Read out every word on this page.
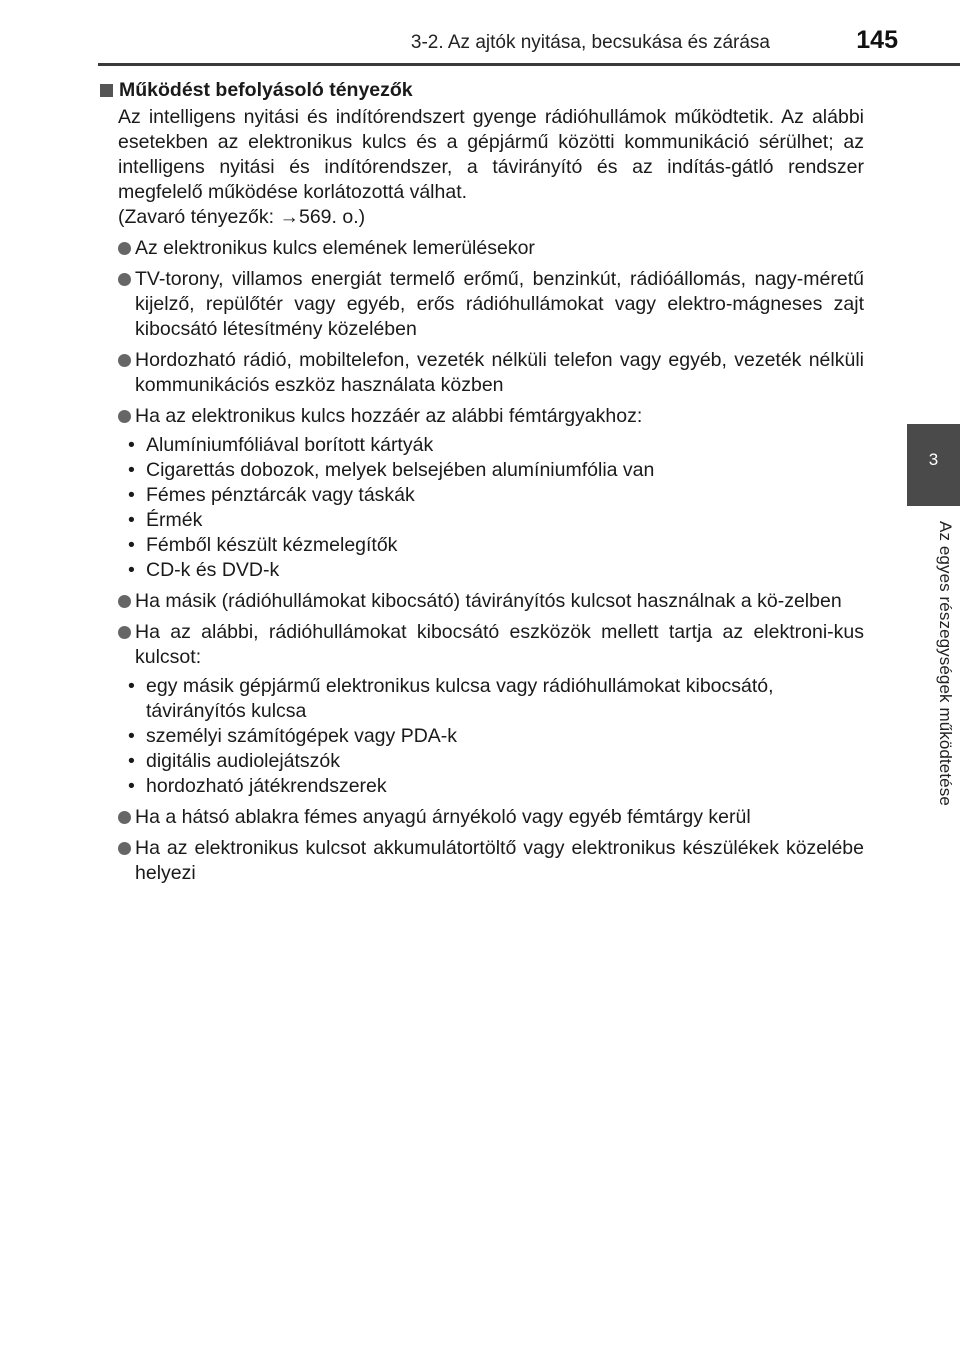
3-2. Az ajtók nyitása, becsukása és zárása	145
3
Az egyes részegységek működtetése
Működést befolyásoló tényezők

Az intelligens nyitási és indítórendszert gyenge rádióhullámok működtetik. Az alábbi esetekben az elektronikus kulcs és a gépjármű közötti kommunikáció sérülhet; az intelligens nyitási és indítórendszer, a távirányító és az indítás-gátló rendszer megfelelő működése korlátozottá válhat.

(Zavaró tényezők: →569. o.)

Az elektronikus kulcs elemének lemerülésekor
TV-torony, villamos energiát termelő erőmű, benzinkút, rádióállomás, nagy-méretű kijelző, repülőtér vagy egyéb, erős rádióhullámokat vagy elektro-mágneses zajt kibocsátó létesítmény közelében
Hordozható rádió, mobiltelefon, vezeték nélküli telefon vagy egyéb, vezeték nélküli kommunikációs eszköz használata közben
Ha az elektronikus kulcs hozzáér az alábbi fémtárgyakhoz:
• Alumíniumfóliával borított kártyák
• Cigarettás dobozok, melyek belsejében alumíniumfólia van
• Fémes pénztárcák vagy táskák
• Érmék
• Fémből készült kézmelegítők
• CD-k és DVD-k
Ha másik (rádióhullámokat kibocsátó) távirányítós kulcsot használnak a kö-zelben
Ha az alábbi, rádióhullámokat kibocsátó eszközök mellett tartja az elektroni-kus kulcsot:
• egy másik gépjármű elektronikus kulcsa vagy rádióhullámokat kibocsátó, távirányítós kulcsa
• személyi számítógépek vagy PDA-k
• digitális audiolejátszók
• hordozható játékrendszerek
Ha a hátsó ablakra fémes anyagú árnyékoló vagy egyéb fémtárgy kerül
Ha az elektronikus kulcsot akkumulátortöltő vagy elektronikus készülékek közelébe helyezi
